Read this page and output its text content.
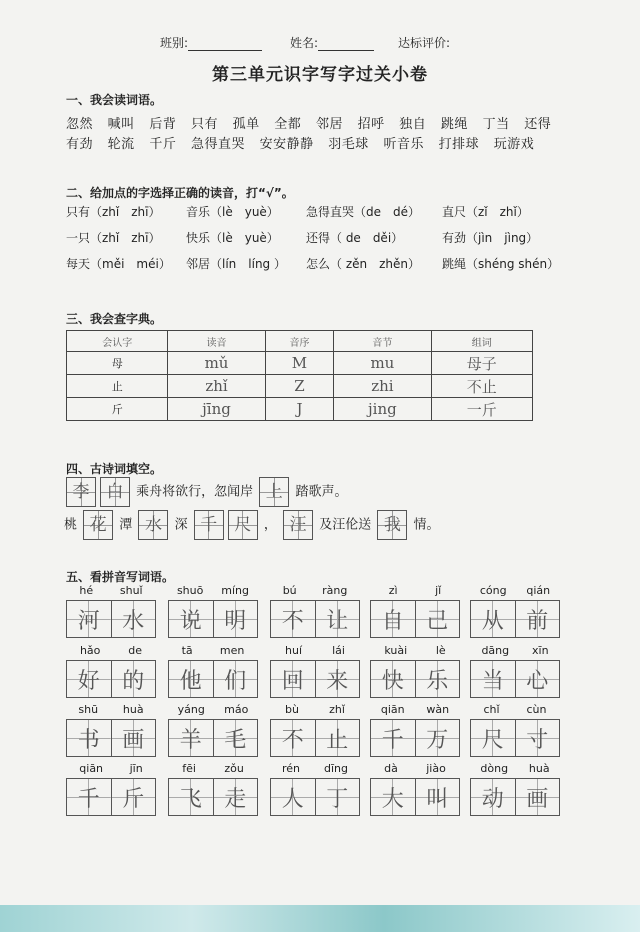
班别:	姓名:	达标评价:
第三单元识字写字过关小卷
一、我会读词语。
忽然 喊叫 后背 只有 孤单 全都 邻居 招呼 独自 跳绳 丁当 还得
有劲 轮流 千斤 急得直哭 安安静静 羽毛球 听音乐 打排球 玩游戏
二、给加点的字选择正确的读音，打“√”。
只有（zhǐ　zhī） 音乐（lè　yuè） 急得直哭（de　dé） 直尺（zǐ　zhǐ）
一只（zhǐ　zhī） 快乐（lè　yuè） 还得（ de　děi）	有劲（jìn　jìng）
每天（měi　méi） 邻居（lín　líng ） 怎么（ zěn　zhěn） 跳绳（shéng shén）
三、我会查字典。
会认字	读音	音序	音节	组词
母	mǔ	M	mu	母子
止	zhǐ	Z	zhi	不止
斤	jīng	J	jing	一斤
四、古诗词填空。
李 白 乘舟将欲行，忽闻岸 上 踏歌声。
桃 花 潭 水 深 千 尺 ， 汪 及汪伦送 我 情。
五、看拼音写词语。
hé shuǐ
河	水
shuō míng
说	明
bú ràng
不	让
zì	jǐ
自	己
cóng qián
从	前
hǎo	de
好	的
tā men
他	们
huí	lái
回	来
kuài	lè
快	乐
dāng xīn
当	心
shū huà
书	画
yáng máo
羊	毛
bù	zhǐ
不	止
qiān wàn
千	万
chǐ cùn
尺	寸
qiān jīn
千	斤
fēi	zǒu
飞	走
rén dīng
人	丁
dà	jiào
大	叫
dòng huà
动	画
